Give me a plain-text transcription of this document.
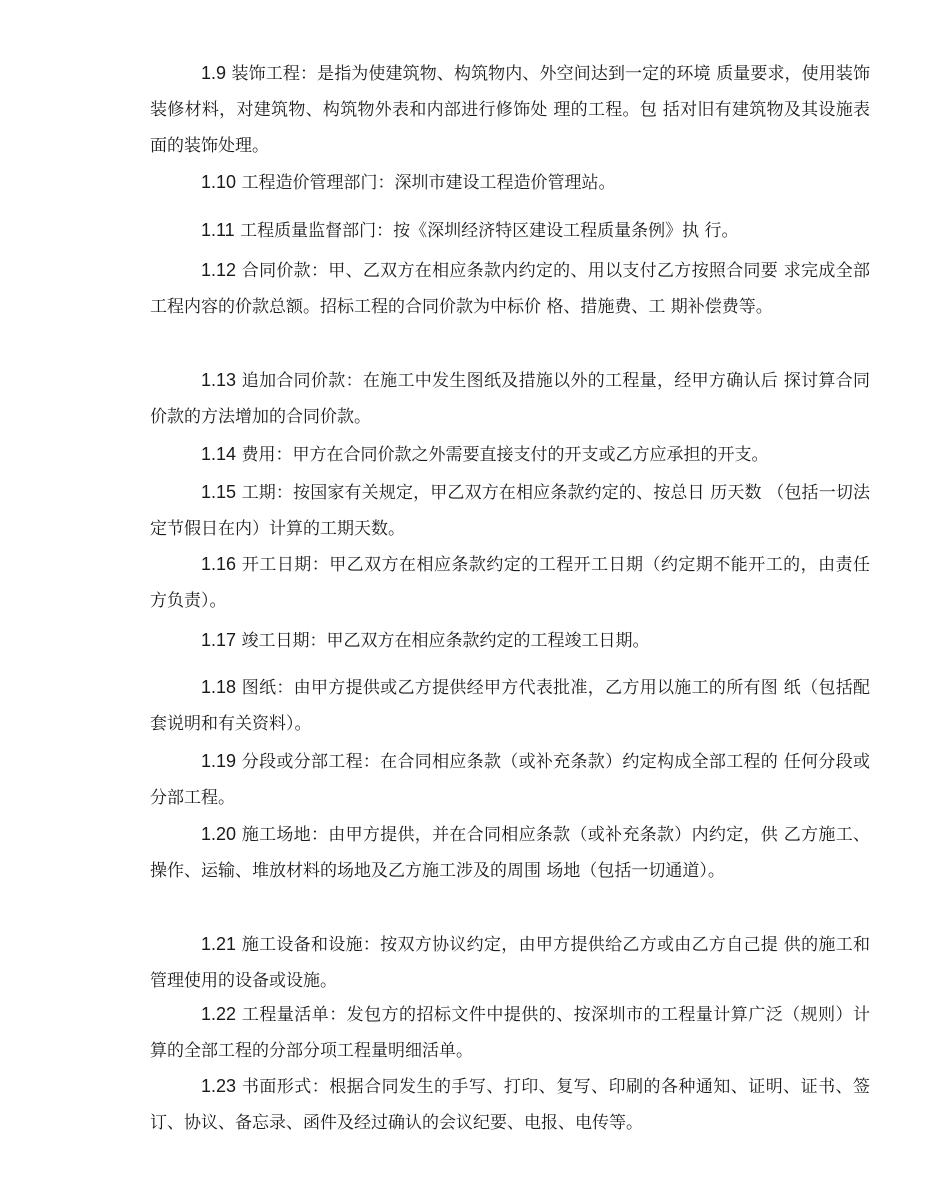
1.9 装饰工程：是指为使建筑物、构筑物内、外空间达到一定的环境 质量要求，使用装饰装修材料，对建筑物、构筑物外表和内部进行修饰处 理的工程。包 括对旧有建筑物及其设施表面的装饰处理。

1.10 工程造价管理部门：深圳市建设工程造价管理站。

1.11 工程质量监督部门：按《深圳经济特区建设工程质量条例》执 行。

1.12 合同价款：甲、乙双方在相应条款内约定的、用以支付乙方按照合同要 求完成全部工程内容的价款总额。招标工程的合同价款为中标价 格、措施费、工 期补偿费等。

1.13 追加合同价款：在施工中发生图纸及措施以外的工程量，经甲方确认后 探讨算合同价款的方法增加的合同价款。

1.14 费用：甲方在合同价款之外需要直接支付的开支或乙方应承担的开支。

1.15 工期：按国家有关规定，甲乙双方在相应条款约定的、按总日 历天数 （包括一切法定节假日在内）计算的工期天数。

1.16 开工日期：甲乙双方在相应条款约定的工程开工日期（约定期不能开工的，由责任方负责）。

1.17 竣工日期：甲乙双方在相应条款约定的工程竣工日期。

1.18 图纸：由甲方提供或乙方提供经甲方代表批准，乙方用以施工的所有图 纸（包括配套说明和有关资料）。

1.19 分段或分部工程：在合同相应条款（或补充条款）约定构成全部工程的 任何分段或分部工程。

1.20 施工场地：由甲方提供，并在合同相应条款（或补充条款）内约定，供 乙方施工、操作、运输、堆放材料的场地及乙方施工涉及的周围 场地（包括一切通道）。

1.21 施工设备和设施：按双方协议约定，由甲方提供给乙方或由乙方自己提 供的施工和管理使用的设备或设施。

1.22 工程量活单：发包方的招标文件中提供的、按深圳市的工程量计算广泛（规则）计算的全部工程的分部分项工程量明细活单。

1.23 书面形式：根据合同发生的手写、打印、复写、印刷的各种通知、证明、证书、签订、协议、备忘录、函件及经过确认的会议纪要、电报、电传等。
